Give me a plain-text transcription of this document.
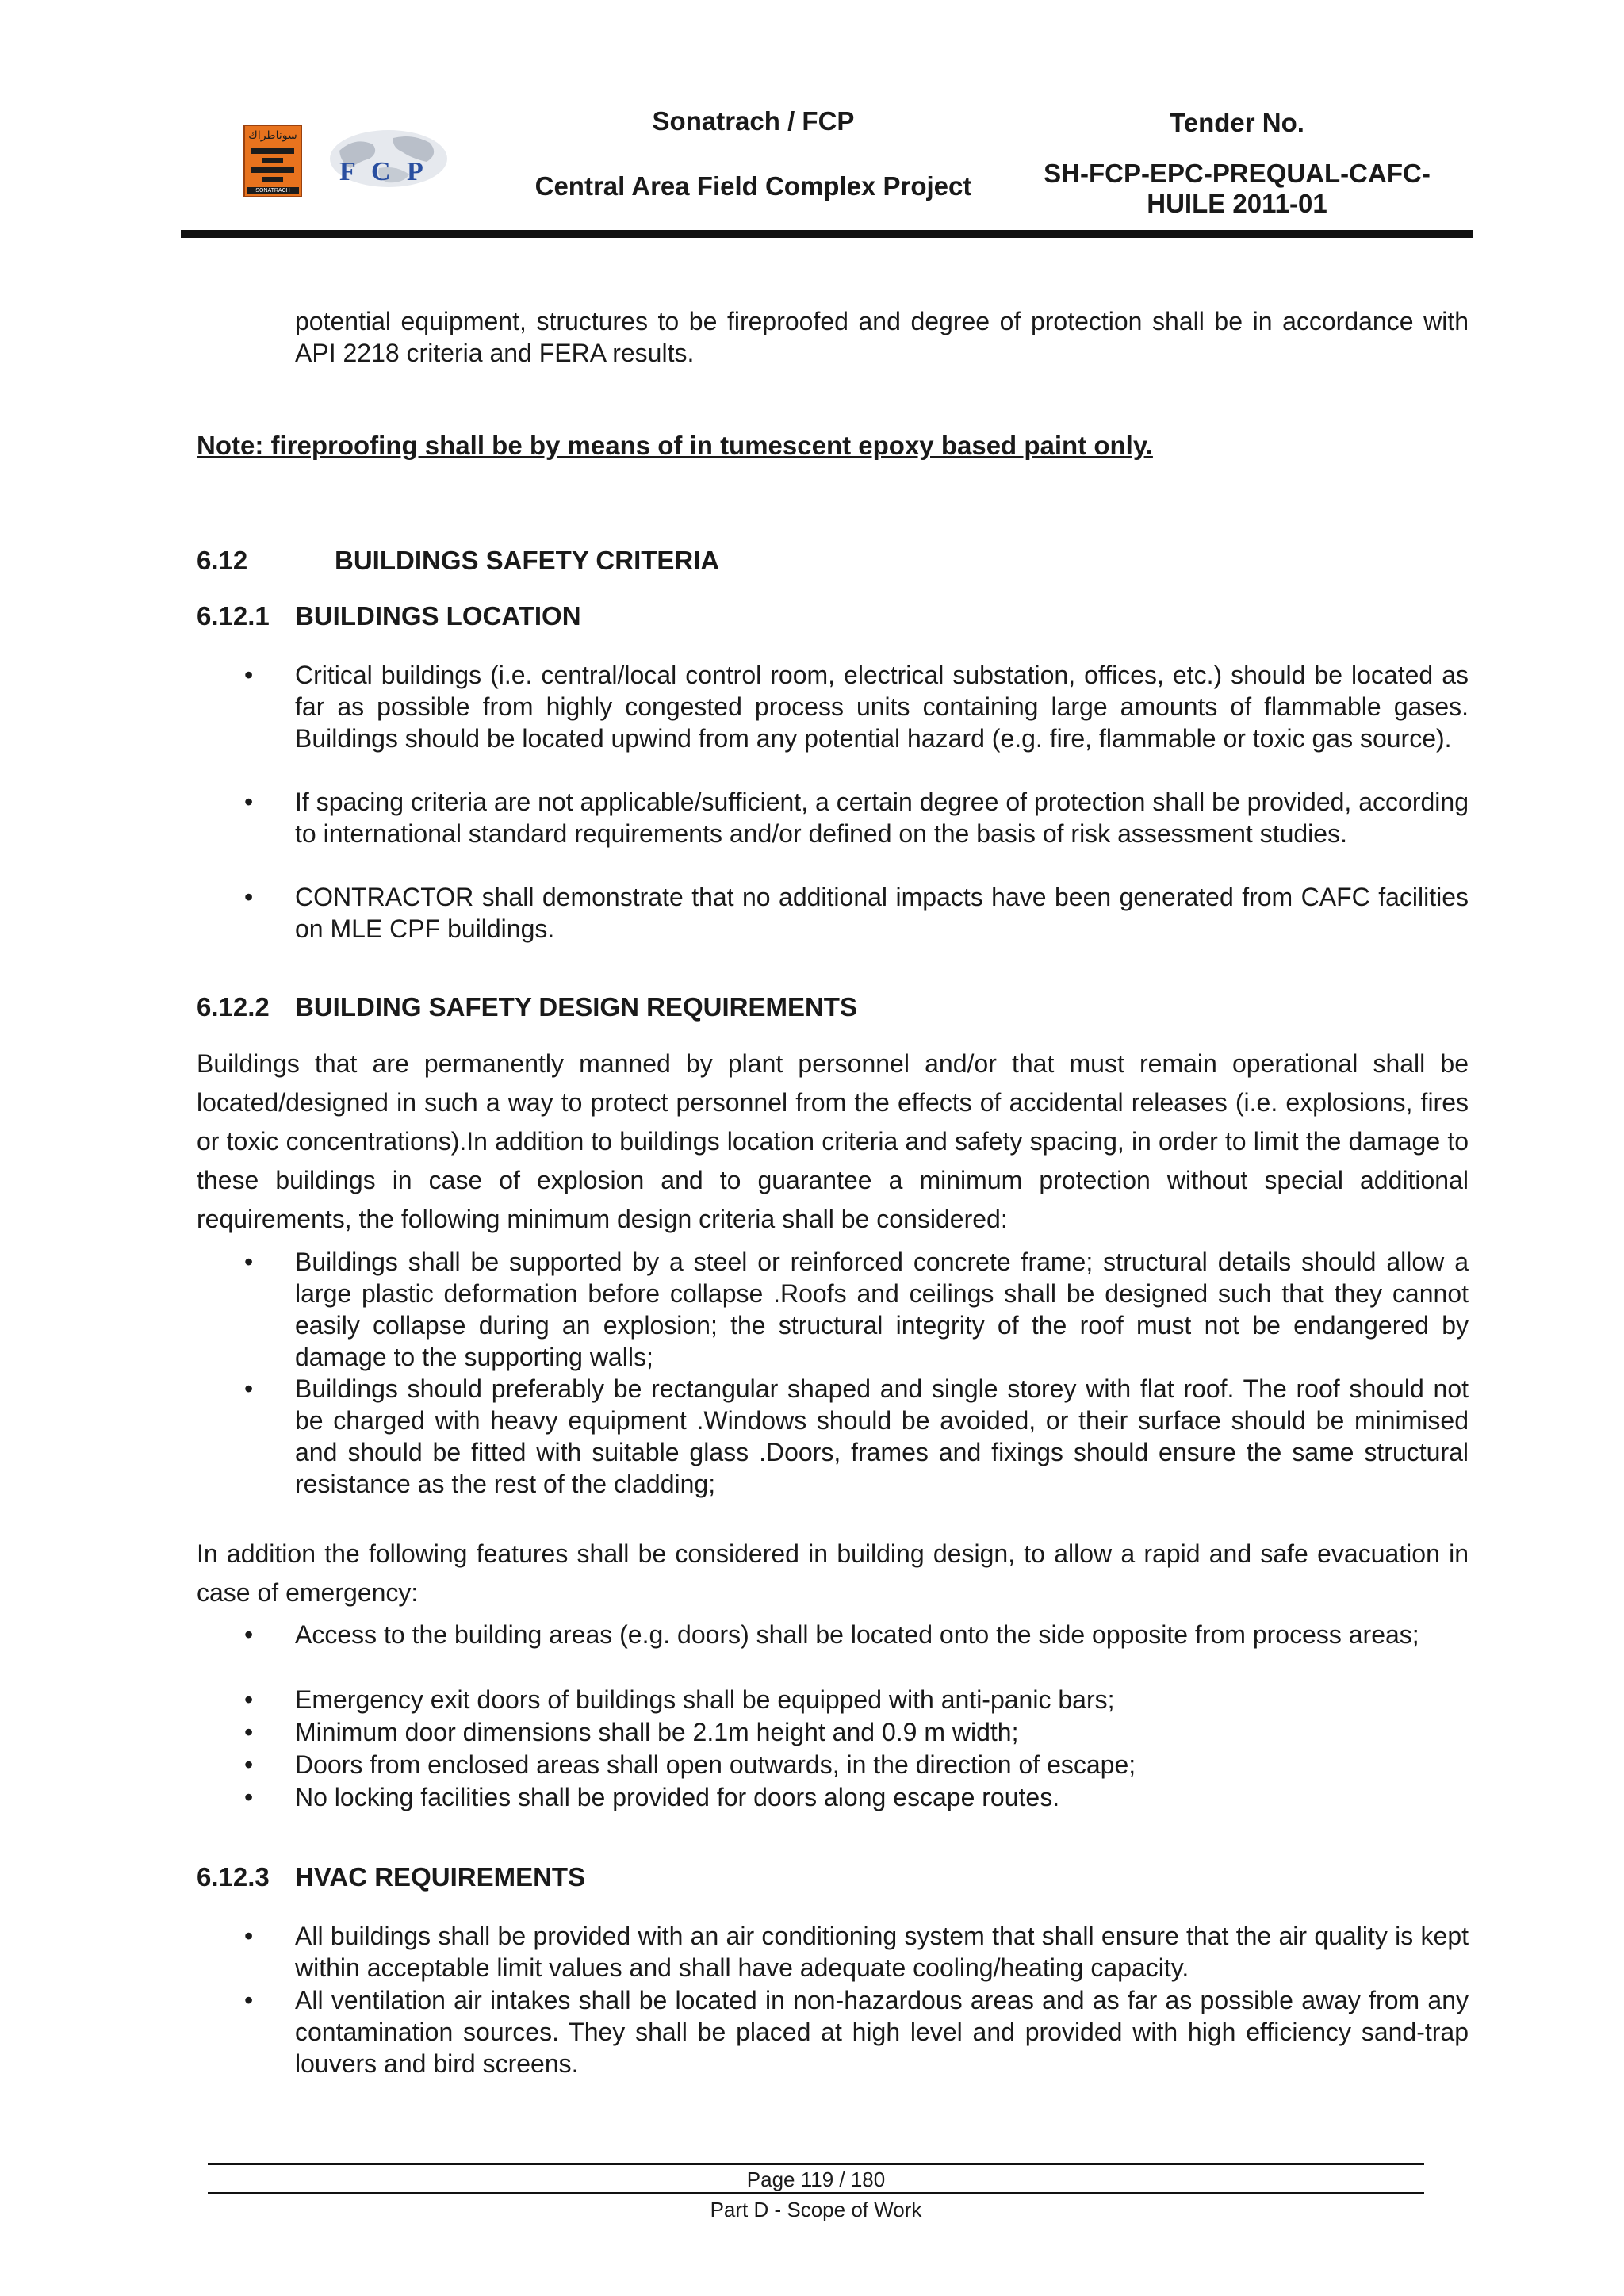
سوناطراك
SONATRACH
F C P
Sonatrach / FCP
Central Area Field Complex Project
Tender No.
SH-FCP-EPC-PREQUAL-CAFC-
HUILE 2011-01
potential equipment, structures to be fireproofed and degree of protection shall be in accordance with API 2218 criteria and FERA results.
Note: fireproofing shall be by means of in tumescent epoxy based paint only.
6.12	BUILDINGS SAFETY CRITERIA
6.12.1 BUILDINGS LOCATION
• Critical buildings (i.e. central/local control room, electrical substation, offices, etc.) should be located as far as possible from highly congested process units containing large amounts of flammable gases. Buildings should be located upwind from any potential hazard (e.g. fire, flammable or toxic gas source).
• If spacing criteria are not applicable/sufficient, a certain degree of protection shall be provided, according to international standard requirements and/or defined on the basis of risk assessment studies.
• CONTRACTOR shall demonstrate that no additional impacts have been generated from CAFC facilities on MLE CPF buildings.
6.12.2 BUILDING SAFETY DESIGN REQUIREMENTS
Buildings that are permanently manned by plant personnel and/or that must remain operational shall be located/designed in such a way to protect personnel from the effects of accidental releases (i.e. explosions, fires or toxic concentrations).In addition to buildings location criteria and safety spacing, in order to limit the damage to these buildings in case of explosion and to guarantee a minimum protection without special additional requirements, the following minimum design criteria shall be considered:
• Buildings shall be supported by a steel or reinforced concrete frame; structural details should allow a large plastic deformation before collapse .Roofs and ceilings shall be designed such that they cannot easily collapse during an explosion; the structural integrity of the roof must not be endangered by damage to the supporting walls;
• Buildings should preferably be rectangular shaped and single storey with flat roof. The roof should not be charged with heavy equipment .Windows should be avoided, or their surface should be minimised and should be fitted with suitable glass .Doors, frames and fixings should ensure the same structural resistance as the rest of the cladding;
In addition the following features shall be considered in building design, to allow a rapid and safe evacuation in case of emergency:
• Access to the building areas (e.g. doors) shall be located onto the side opposite from process areas;
• Emergency exit doors of buildings shall be equipped with anti-panic bars;
• Minimum door dimensions shall be 2.1m height and 0.9 m width;
• Doors from enclosed areas shall open outwards, in the direction of escape;
• No locking facilities shall be provided for doors along escape routes.
6.12.3 HVAC REQUIREMENTS
• All buildings shall be provided with an air conditioning system that shall ensure that the air quality is kept within acceptable limit values and shall have adequate cooling/heating capacity.
• All ventilation air intakes shall be located in non-hazardous areas and as far as possible away from any contamination sources. They shall be placed at high level and provided with high efficiency sand-trap louvers and bird screens.
Page 119 / 180
Part D - Scope of Work
